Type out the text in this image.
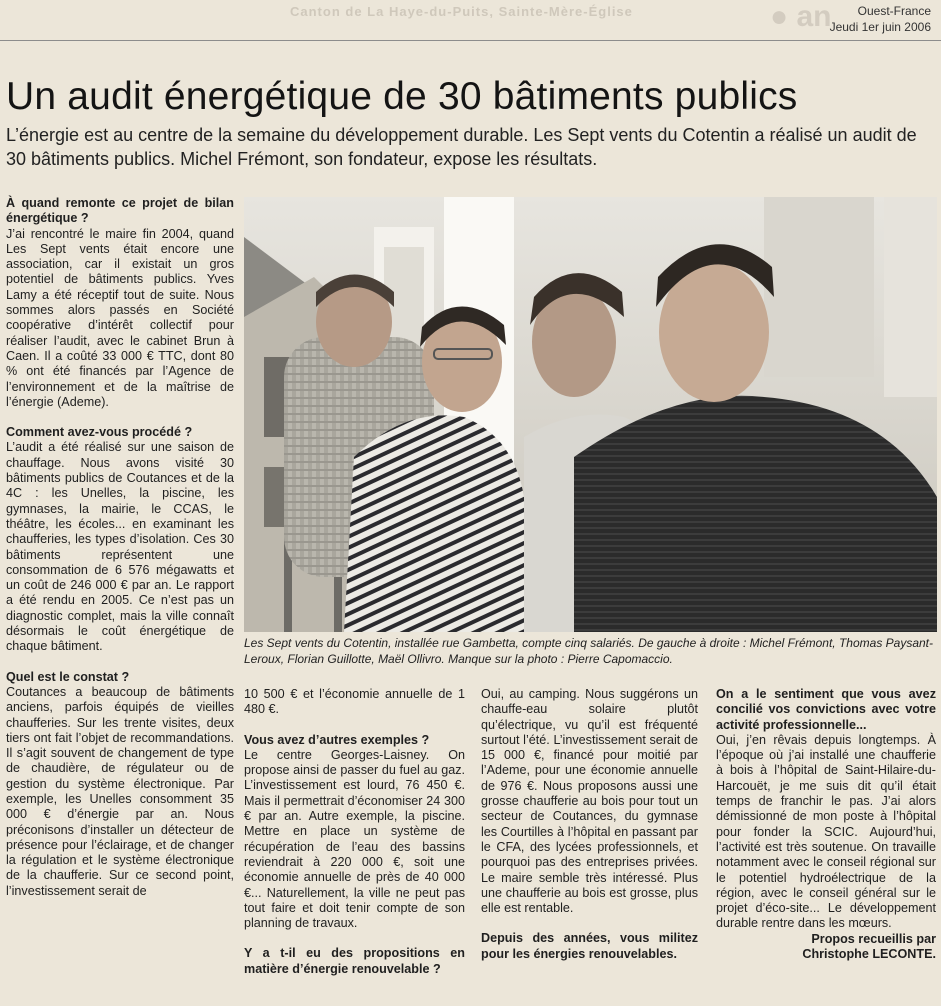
Canton de La Haye-du-Puits, Sainte-Mère-Église	● an	Ouest-France
Jeudi 1er juin 2006
Un audit énergétique de 30 bâtiments publics

L’énergie est au centre de la semaine du développement durable. Les Sept vents du Cotentin a réalisé un audit de 30 bâtiments publics. Michel Frémont, son fondateur, expose les résultats.

À quand remonte ce projet de bilan énergétique ?

J’ai rencontré le maire fin 2004, quand Les Sept vents était encore une association, car il existait un gros potentiel de bâtiments publics. Yves Lamy a été réceptif tout de suite. Nous sommes alors passés en Société coopérative d’intérêt collectif pour réaliser l’audit, avec le cabinet Brun à Caen. Il a coûté 33 000 € TTC, dont 80 % ont été financés par l’Agence de l’environnement et de la maîtrise de l’énergie (Ademe).

Comment avez-vous procédé ?

L’audit a été réalisé sur une saison de chauffage. Nous avons visité 30 bâtiments publics de Coutances et de la 4C : les Unelles, la piscine, les gymnases, la mairie, le CCAS, le théâtre, les écoles... en examinant les chaufferies, les types d’isolation. Ces 30 bâtiments représentent une consommation de 6 576 mégawatts et un coût de 246 000 € par an. Le rapport a été rendu en 2005. Ce n’est pas un diagnostic complet, mais la ville connaît désormais le coût énergétique de chaque bâtiment.

Quel est le constat ?

Coutances a beaucoup de bâtiments anciens, parfois équipés de vieilles chaufferies. Sur les trente visites, deux tiers ont fait l’objet de recommandations. Il s’agit souvent de changement de type de chaudière, de régulateur ou de gestion du système électronique. Par exemple, les Unelles consomment 35 000 € d’énergie par an. Nous préconisons d’installer un détecteur de présence pour l’éclairage, et de changer la régulation et le système électronique de la chaufferie. Sur ce second point, l’investissement serait de

Les Sept vents du Cotentin, installée rue Gambetta, compte cinq salariés. De gauche à droite : Michel Frémont, Thomas Paysant-Leroux, Florian Guillotte, Maël Ollivro. Manque sur la photo : Pierre Capomaccio.

10 500 € et l’économie annuelle de 1 480 €.

Vous avez d’autres exemples ?

Le centre Georges-Laisney. On propose ainsi de passer du fuel au gaz. L’investissement est lourd, 76 450 €. Mais il permettrait d’économiser 24 300 € par an. Autre exemple, la piscine. Mettre en place un système de récupération de l’eau des bassins reviendrait à 220 000 €, soit une économie annuelle de près de 40 000 €... Naturellement, la ville ne peut pas tout faire et doit tenir compte de son planning de travaux.

Y a t-il eu des propositions en matière d’énergie renouvelable ?

Oui, au camping. Nous suggérons un chauffe-eau solaire plutôt qu’électrique, vu qu’il est fréquenté surtout l’été. L’investissement serait de 15 000 €, financé pour moitié par l’Ademe, pour une économie annuelle de 976 €. Nous proposons aussi une grosse chaufferie au bois pour tout un secteur de Coutances, du gymnase les Courtilles à l’hôpital en passant par le CFA, des lycées professionnels, et pourquoi pas des entreprises privées. Le maire semble très intéressé. Plus une chaufferie au bois est grosse, plus elle est rentable.

Depuis des années, vous militez pour les énergies renouvelables.

On a le sentiment que vous avez concilié vos convictions avec votre activité professionnelle...

Oui, j’en rêvais depuis longtemps. À l’époque où j’ai installé une chaufferie à bois à l’hôpital de Saint-Hilaire-du-Harcouët, je me suis dit qu’il était temps de franchir le pas. J’ai alors démissionné de mon poste à l’hôpital pour fonder la SCIC. Aujourd’hui, l’activité est très soutenue. On travaille notamment avec le conseil régional sur le potentiel hydroélectrique de la région, avec le conseil général sur le projet d’éco-site... Le développement durable rentre dans les mœurs.

Propos recueillis par

Christophe LECONTE.
